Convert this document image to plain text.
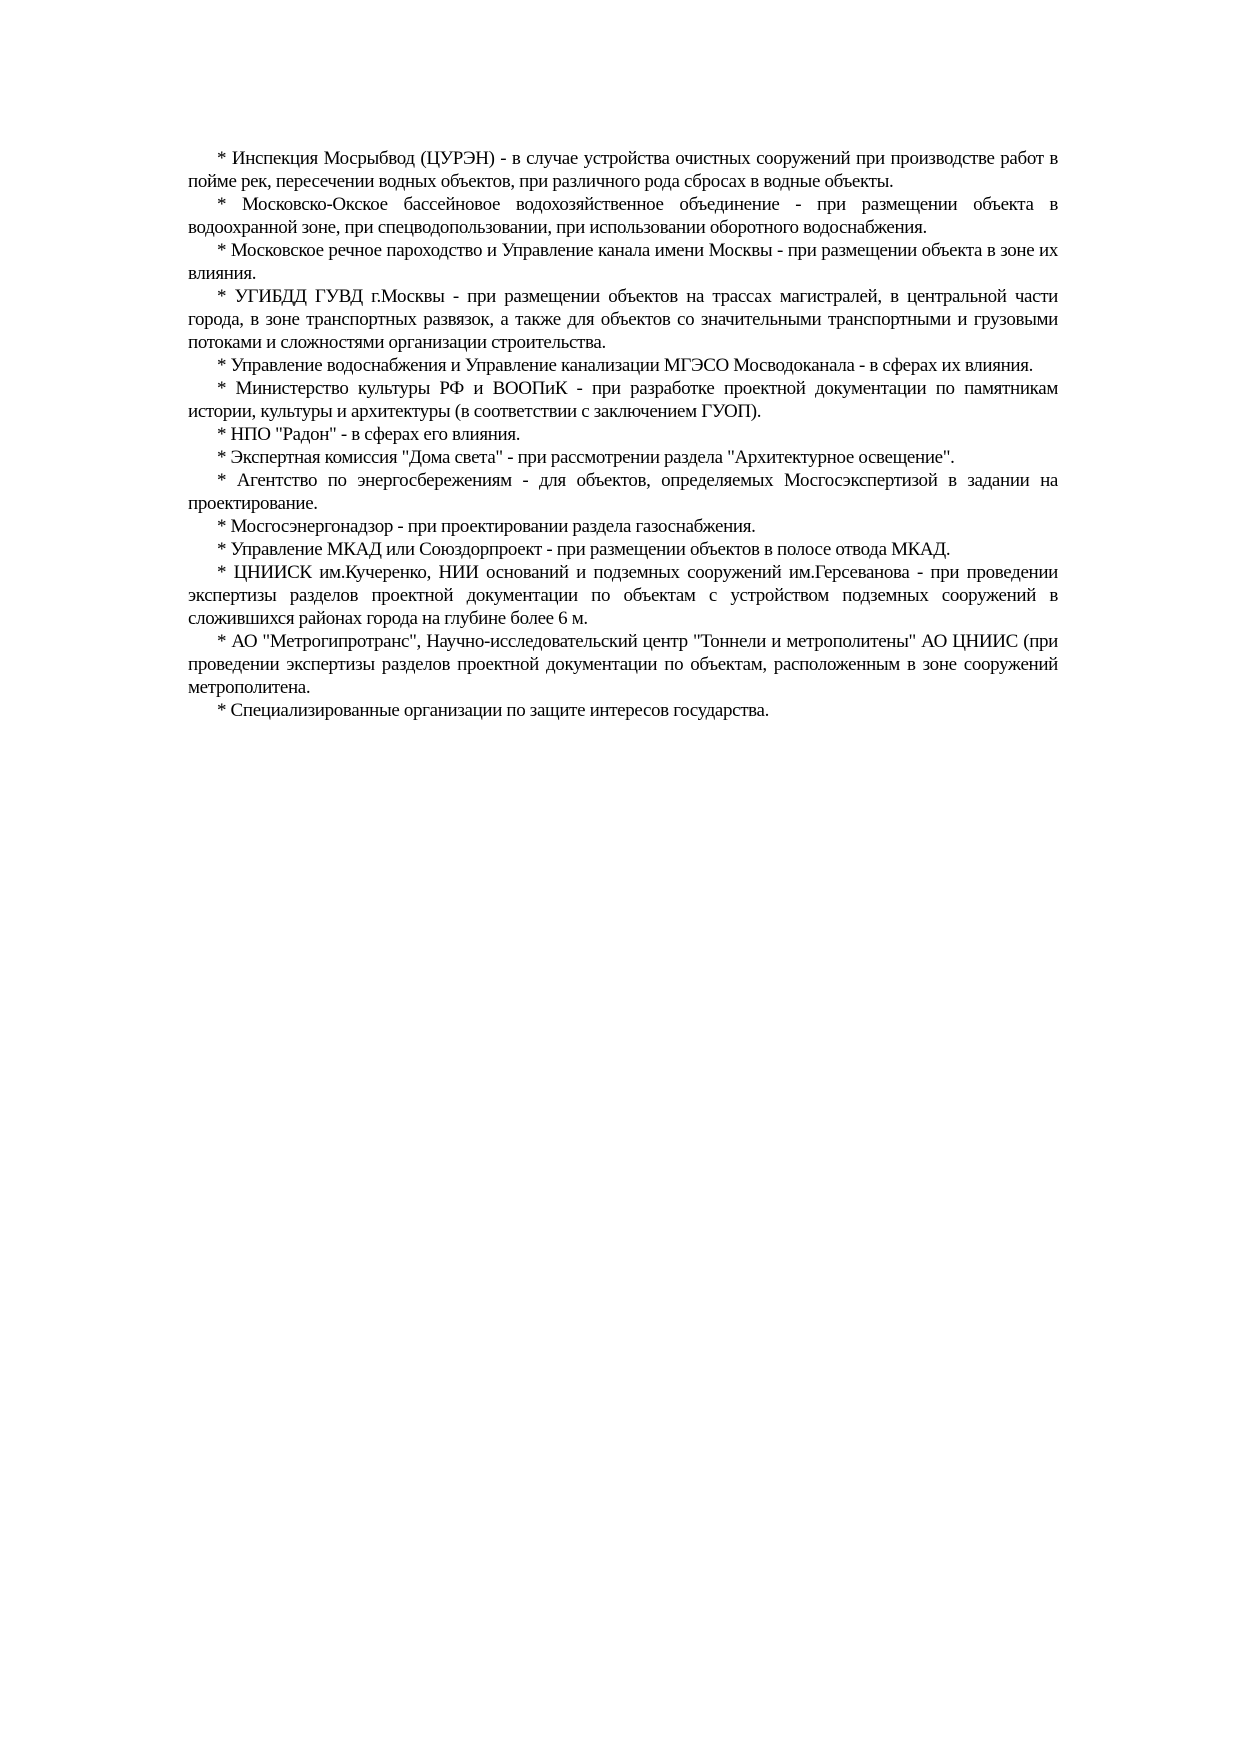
* Инспекция Мосрыбвод (ЦУРЭН) - в случае устройства очистных сооружений при производстве работ в пойме рек, пересечении водных объектов, при различного рода сбросах в водные объекты.

* Московско-Окское бассейновое водохозяйственное объединение - при размещении объекта в водоохранной зоне, при спецводопользовании, при использовании оборотного водоснабжения.

* Московское речное пароходство и Управление канала имени Москвы - при размещении объекта в зоне их влияния.

* УГИБДД ГУВД г.Москвы - при размещении объектов на трассах магистралей, в центральной части города, в зоне транспортных развязок, а также для объектов со значительными транспортными и грузовыми потоками и сложностями организации строительства.

* Управление водоснабжения и Управление канализации МГЭСО Мосводоканала - в сферах их влияния.

* Министерство культуры РФ и ВООПиК - при разработке проектной документации по памятникам истории, культуры и архитектуры (в соответствии с заключением ГУОП).

* НПО "Радон" - в сферах его влияния.

* Экспертная комиссия "Дома света" - при рассмотрении раздела "Архитектурное освещение".

* Агентство по энергосбережениям - для объектов, определяемых Мосгосэкспертизой в задании на проектирование.

* Мосгосэнергонадзор - при проектировании раздела газоснабжения.

* Управление МКАД или Союздорпроект - при размещении объектов в полосе отвода МКАД.

* ЦНИИСК им.Кучеренко, НИИ оснований и подземных сооружений им.Герсеванова - при проведении экспертизы разделов проектной документации по объектам с устройством подземных сооружений в сложившихся районах города на глубине более 6 м.

* АО "Метрогипротранс", Научно-исследовательский центр "Тоннели и метрополитены" АО ЦНИИС (при проведении экспертизы разделов проектной документации по объектам, расположенным в зоне сооружений метрополитена.

* Специализированные организации по защите интересов государства.
